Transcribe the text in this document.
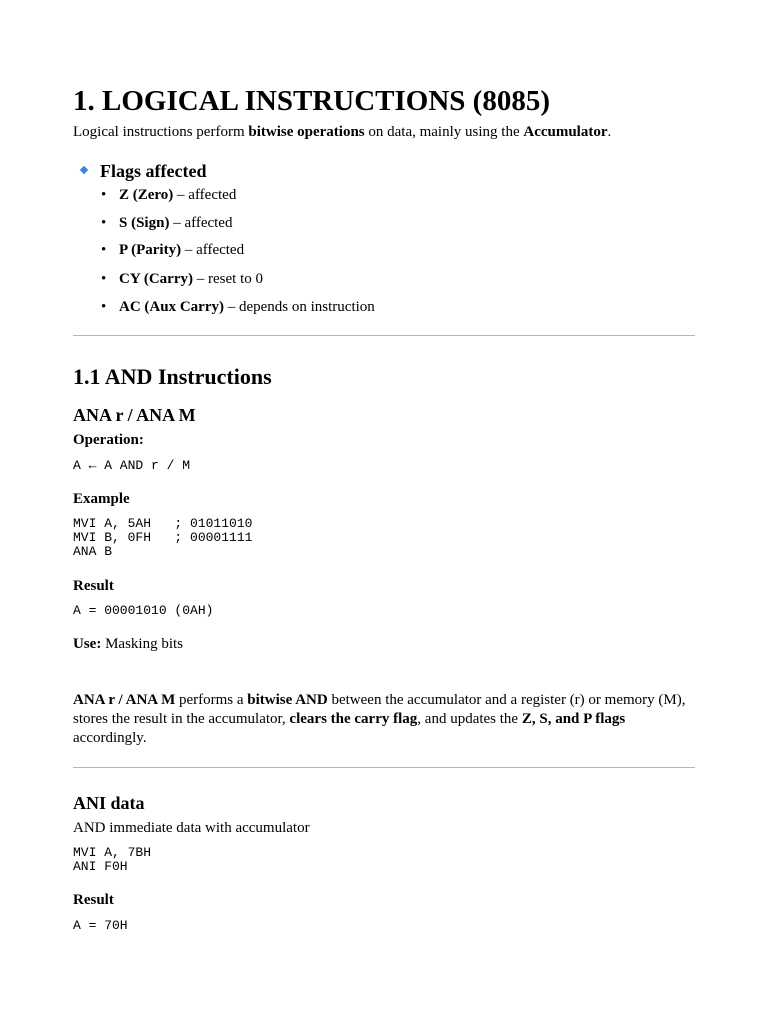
1. LOGICAL INSTRUCTIONS (8085)
Logical instructions perform bitwise operations on data, mainly using the Accumulator.
Flags affected
• Z (Zero) – affected
• S (Sign) – affected
• P (Parity) – affected
• CY (Carry) – reset to 0
• AC (Aux Carry) – depends on instruction
1.1 AND Instructions
ANA r / ANA M
Operation:
A ← A AND r / M
Example
MVI A, 5AH   ; 01011010
MVI B, 0FH   ; 00001111
ANA B
Result
A = 00001010 (0AH)
Use: Masking bits
ANA r / ANA M performs a bitwise AND between the accumulator and a register (r) or memory (M), stores the result in the accumulator, clears the carry flag, and updates the Z, S, and P flags accordingly.
ANI data
AND immediate data with accumulator
MVI A, 7BH
ANI F0H
Result
A = 70H
